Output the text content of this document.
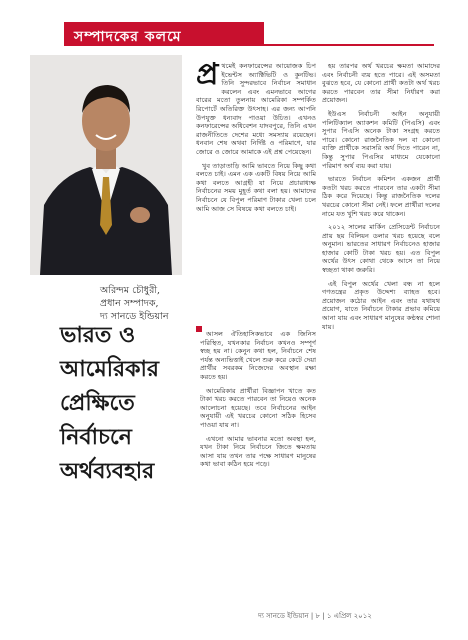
সম্পাদকের কলমে
অরিন্দম চৌধুরী,
প্রধান সম্পাদক,
দ্য সানডে ইন্ডিয়ান
ভারত ও
আমেরিকার
প্রেক্ষিতে
নির্বাচনে
অর্থব্যবহার
প্র থমেই কনফারেন্সের আয়োজক চিপ ইভেন্টস অ্যাক্টিভিটি ও কুনটিভ। তিনি সুন্দরভাবে নির্বাচন সমাধান করলেন এবং এমনভাবে আগের বারের মতো তুলনায় আমেরিকা সম্পর্কিত রিপোর্টে অতিরিক্ত উৎসাহ। এর জন্য আপনি উপযুক্ত ধন্যবাদ পাওয়া উচিত। এখনও কনফারেন্সের অধিবেশন যাদবপুরে, তিনি এখন রাজনীতিতে দেশের মধ্যে সমস্যায় রয়েছেন। ধনবান শেষ অথবা নির্দিষ্ট ও পরিমাণে, যার জোরে ও জোরে আমাকে এই প্রশ্ন পেয়েছেন।

খুব তাড়াতাড়ি আমি ভাবতে নিয়ে কিছু কথা বলতে চাই। এমন এক একটি বিষয় নিয়ে আমি কথা বলতে আগ্রহী যা নিয়ে প্রচারাধ্যক্ষ নির্বাচনের সময় মুহূর্ত কথা বলা হয়। আমাদের নির্বাচনে যে বিপুল পরিমাণ টাকার খেলা চলে আমি আজ সে বিষয়ে কথা বলতে চাই।

আসল ঐতিহাসিকভাবে এক জিনিস পরিস্থিত, যখনকার নির্বাচন কখনও সম্পূর্ণ স্বচ্ছ হয় না। কেনুন কথা হল, নির্বাচনে শেষ পর্যন্ত অন্যভিত্তাই খেলে শুরু করে কেটে দেয়া প্রার্থীর সবরকম নিজেদের অবস্থান রক্ষা করতে হয়।

আমেরিকার প্রার্থীরা বিজ্ঞাপন খাতে কত টাকা খরচ করতে পারবেন তা নিয়েও অনেক আলোচনা হয়েছে। তবে নির্বাচনের আইন অনুযায়ী এই খরচের কোনো সঠিক হিসেব পাওয়া যায় না।

এখনো আমার ভাবনার মতো অবস্থা হল, যখন টাকা নিয়ে নির্বাচনে জিতে ক্ষমতায় আসা যায় তখন তার পক্ষে সাধারণ মানুষের কথা ভাবা কঠিন হয়ে পড়ে।

হয় তারপর অর্থ খরচের ক্ষমতা আমাদের এবং নির্বাচনী ব্যয় হতে পারে। এই অসমতা বুঝতে হবে, যে কোনো প্রার্থী কতটা অর্থ খরচ করতে পারবেন তার সীমা নির্ধারণ করা প্রয়োজন।

ইউএস নির্বাচনী আইন অনুযায়ী পলিটিক্যাল অ্যাকশন কমিটি (পিএসি) এবং সুপার পিএসি অনেক টাকা সংগ্রহ করতে পারে। কোনো রাজনৈতিক দল বা কোনো ব্যক্তি প্রার্থীকে সরাসরি অর্থ দিতে পারেন না, কিন্তু সুপার পিএসির মাধ্যমে যেকোনো পরিমাণ অর্থ ব্যয় করা যায়।

ভারতে নির্বাচন কমিশন একজন প্রার্থী কতটা খরচ করতে পারবেন তার একটা সীমা ঠিক করে দিয়েছে। কিন্তু রাজনৈতিক দলের খরচের কোনো সীমা নেই। ফলে প্রার্থীরা দলের নামে যত খুশি খরচ করে থাকেন।

২০১২ সালের মার্কিন প্রেসিডেন্ট নির্বাচনে প্রায় ছয় বিলিয়ন ডলার খরচ হয়েছে বলে অনুমান। ভারতের সাধারণ নির্বাচনেও হাজার হাজার কোটি টাকা খরচ হয়। এত বিপুল অর্থের উৎস কোথা থেকে আসে তা নিয়ে স্বচ্ছতা থাকা জরুরি।

এই বিপুল অর্থের খেলা বন্ধ না হলে গণতন্ত্রের প্রকৃত উদ্দেশ্য ব্যাহত হবে। প্রয়োজন কঠোর আইন এবং তার যথাযথ প্রয়োগ, যাতে নির্বাচনে টাকার প্রভাব কমিয়ে আনা যায় এবং সাধারণ মানুষের কণ্ঠস্বর শোনা যায়।

দ্য সানডে ইন্ডিয়ান | ৮ | ১ এপ্রিল ২০১২
